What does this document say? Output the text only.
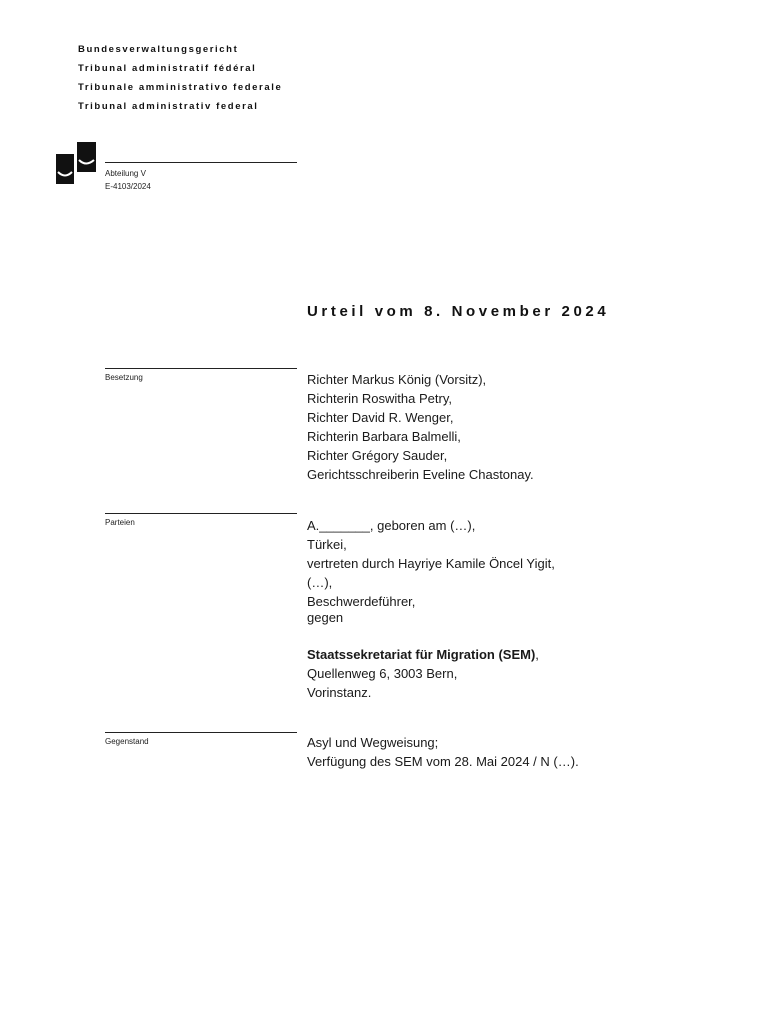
Bundesverwaltungsgericht
Tribunal administratif fédéral
Tribunale amministrativo federale
Tribunal administrativ federal
Abteilung V
E-4103/2024
Urteil vom 8. November 2024
Besetzung	Richter Markus König (Vorsitz),

Richterin Roswitha Petry,

Richter David R. Wenger,

Richterin Barbara Balmelli,

Richter Grégory Sauder,

Gerichtsschreiberin Eveline Chastonay.

Parteien	A._______, geboren am (…),

Türkei,

vertreten durch Hayriye Kamile Öncel Yigit,

(…),

Beschwerdeführer,

gegen

Staatssekretariat für Migration (SEM),

Quellenweg 6, 3003 Bern,

Vorinstanz.

Gegenstand	Asyl und Wegweisung;

Verfügung des SEM vom 28. Mai 2024 / N (…).
